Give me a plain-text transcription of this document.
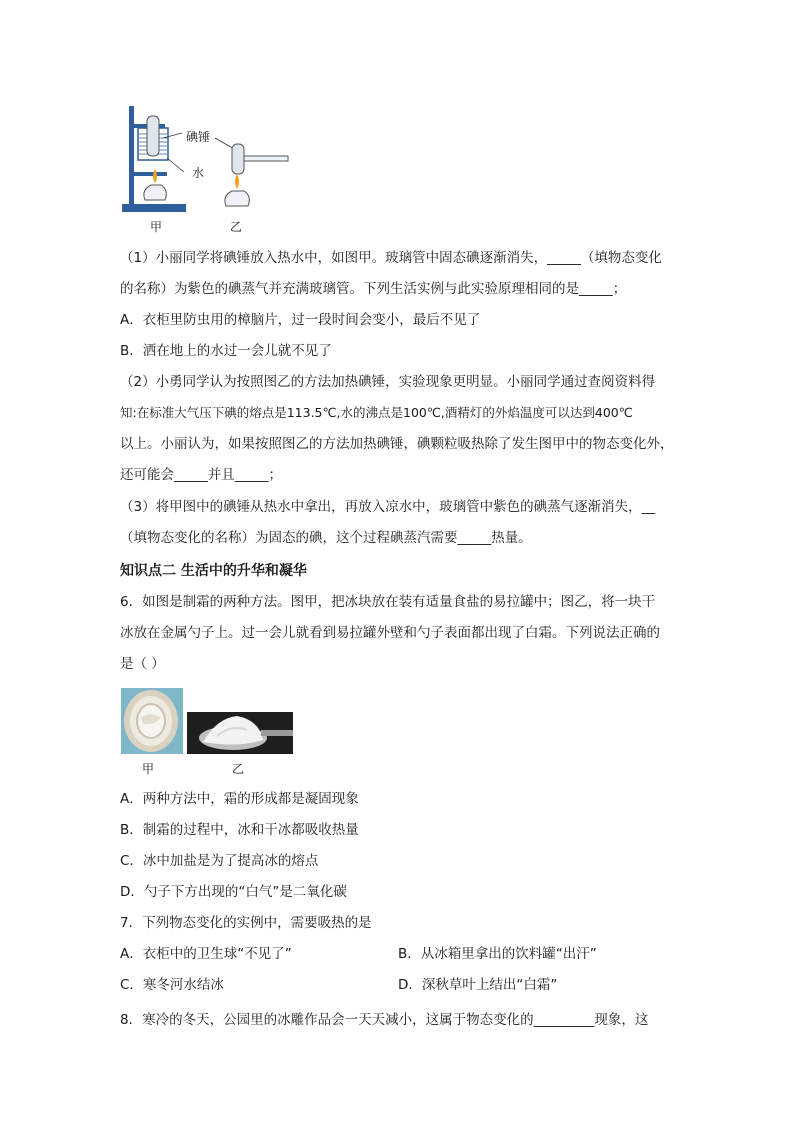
碘锤
水
甲	乙
（1）小丽同学将碘锤放入热水中，如图甲。玻璃管中固态碘逐渐消失，_____（填物态变化
的名称）为紫色的碘蒸气并充满玻璃管。下列生活实例与此实验原理相同的是_____；
A．衣柜里防虫用的樟脑片，过一段时间会变小，最后不见了
B．洒在地上的水过一会儿就不见了
（2）小勇同学认为按照图乙的方法加热碘锤，实验现象更明显。小丽同学通过查阅资料得
知:在标准大气压下碘的熔点是113.5℃,水的沸点是100℃,酒精灯的外焰温度可以达到400℃
以上。小丽认为，如果按照图乙的方法加热碘锤，碘颗粒吸热除了发生图甲中的物态变化外，
还可能会_____并且_____；
（3）将甲图中的碘锤从热水中拿出，再放入凉水中，玻璃管中紫色的碘蒸气逐渐消失，__
（填物态变化的名称）为固态的碘，这个过程碘蒸汽需要_____热量。
知识点二 生活中的升华和凝华
6．如图是制霜的两种方法。图甲，把冰块放在装有适量食盐的易拉罐中；图乙，将一块干
冰放在金属勺子上。过一会儿就看到易拉罐外壁和勺子表面都出现了白霜。下列说法正确的
是（ ）
甲	乙
A．两种方法中，霜的形成都是凝固现象
B．制霜的过程中，冰和干冰都吸收热量
C．冰中加盐是为了提高冰的熔点
D．勺子下方出现的“白气”是二氧化碳
7．下列物态变化的实例中，需要吸热的是
A．衣柜中的卫生球“不见了”	B．从冰箱里拿出的饮料罐“出汗”
C．寒冬河水结冰	D．深秋草叶上结出“白霜”
8．寒冷的冬天，公园里的冰雕作品会一天天减小，这属于物态变化的_________现象，这
